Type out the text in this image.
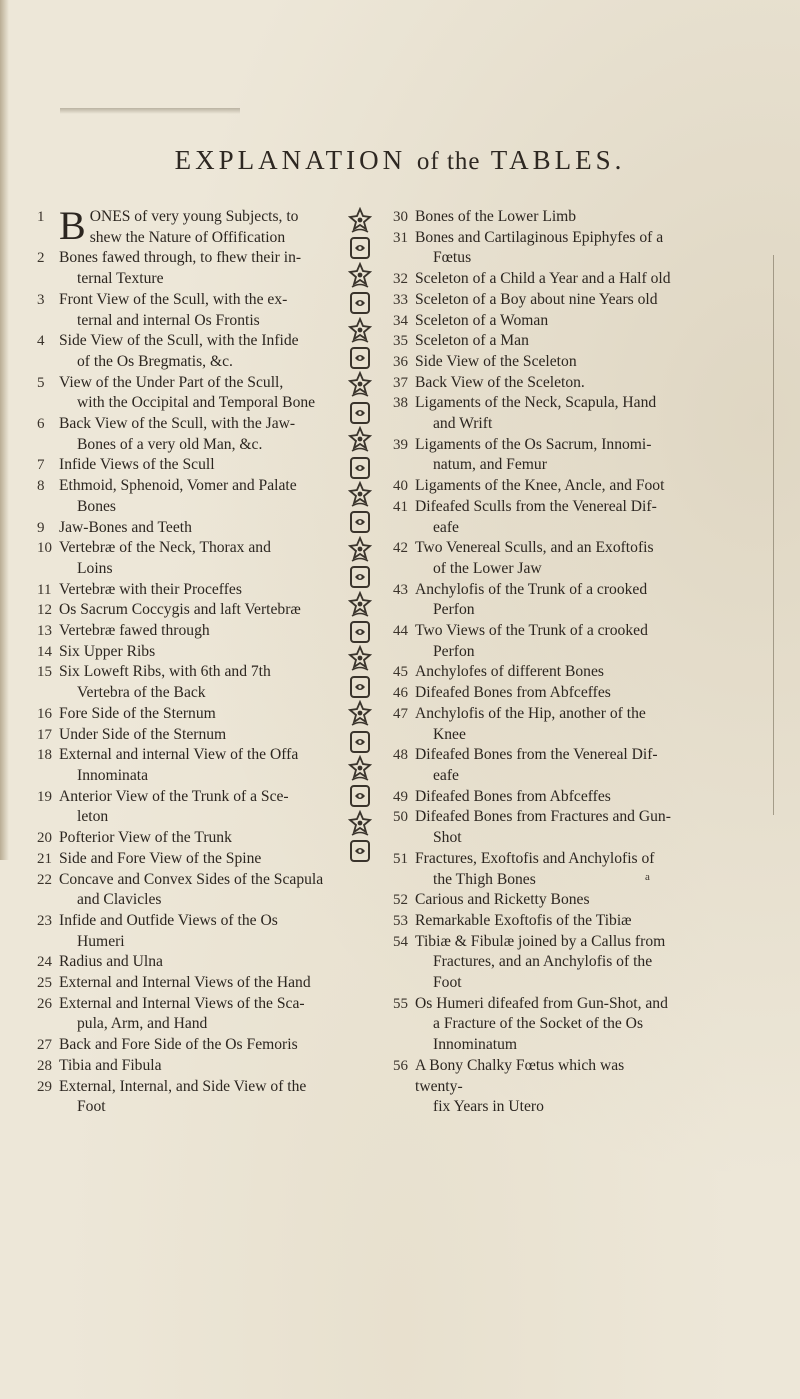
EXPLANATION of the TABLES.
1 BONES of very young Subjects, to
shew the Nature of Offification
2 Bones fawed through, to fhew their in-
ternal Texture
3 Front View of the Scull, with the ex-
ternal and internal Os Frontis
4 Side View of the Scull, with the Infide
of the Os Bregmatis, &c.
5 View of the Under Part of the Scull,
with the Occipital and Temporal Bone
6 Back View of the Scull, with the Jaw-
Bones of a very old Man, &c.
7 Infide Views of the Scull
8 Ethmoid, Sphenoid, Vomer and Palate
Bones
9 Jaw-Bones and Teeth
10 Vertebræ of the Neck, Thorax and
Loins
11 Vertebræ with their Proceffes
12 Os Sacrum Coccygis and laft Vertebræ
13 Vertebræ fawed through
14 Six Upper Ribs
15 Six Loweft Ribs, with 6th and 7th
Vertebra of the Back
16 Fore Side of the Sternum
17 Under Side of the Sternum
18 External and internal View of the Offa
Innominata
19 Anterior View of the Trunk of a Sce-
leton
20 Pofterior View of the Trunk
21 Side and Fore View of the Spine
22 Concave and Convex Sides of the Scapula
and Clavicles
23 Infide and Outfide Views of the Os
Humeri
24 Radius and Ulna
25 External and Internal Views of the Hand
26 External and Internal Views of the Sca-
pula, Arm, and Hand
27 Back and Fore Side of the Os Femoris
28 Tibia and Fibula
29 External, Internal, and Side View of the
Foot
30 Bones of the Lower Limb
31 Bones and Cartilaginous Epiphyfes of a
Fœtus
32 Sceleton of a Child a Year and a Half old
33 Sceleton of a Boy about nine Years old
34 Sceleton of a Woman
35 Sceleton of a Man
36 Side View of the Sceleton
37 Back View of the Sceleton.
38 Ligaments of the Neck, Scapula, Hand
and Wrift
39 Ligaments of the Os Sacrum, Innomi-
natum, and Femur
40 Ligaments of the Knee, Ancle, and Foot
41 Difeafed Sculls from the Venereal Dif-
eafe
42 Two Venereal Sculls, and an Exoftofis
of the Lower Jaw
43 Anchylofis of the Trunk of a crooked
Perfon
44 Two Views of the Trunk of a crooked
Perfon
45 Anchylofes of different Bones
46 Difeafed Bones from Abfceffes
47 Anchylofis of the Hip, another of the
Knee
48 Difeafed Bones from the Venereal Dif-
eafe
49 Difeafed Bones from Abfceffes
50 Difeafed Bones from Fractures and Gun-
Shot
51 Fractures, Exoftofis and Anchylofis of
the Thigh Bones
52 Carious and Ricketty Bones
53 Remarkable Exoftofis of the Tibiæ
54 Tibiæ & Fibulæ joined by a Callus from
Fractures, and an Anchylofis of the
Foot
55 Os Humeri difeafed from Gun-Shot, and
a Fracture of the Socket of the Os
Innominatum
56 A Bony Chalky Fœtus which was twenty-
fix Years in Utero
a
